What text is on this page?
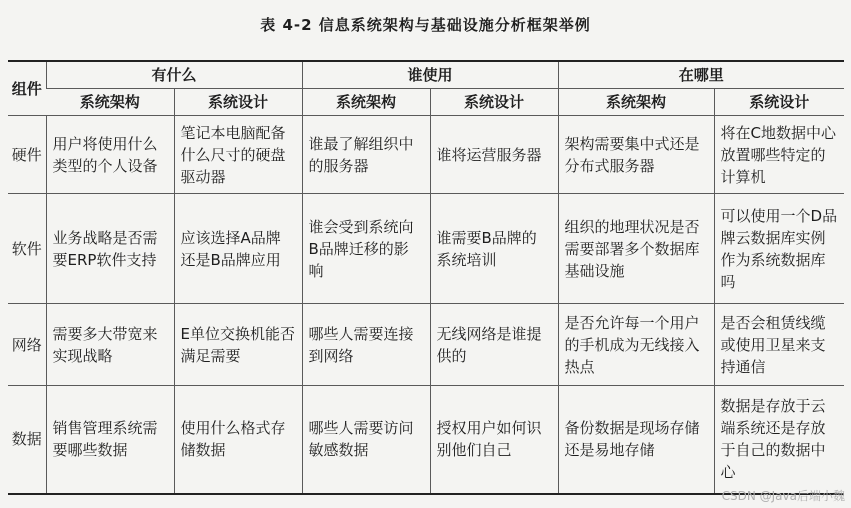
表 4-2 信息系统架构与基础设施分析框架举例
组件	有什么		谁使用		在哪里	
	系统架构	系统设计	系统架构	系统设计	系统架构	系统设计
硬件	用户将使用什么类型的个人设备	笔记本电脑配备什么尺寸的硬盘驱动器	谁最了解组织中的服务器	谁将运营服务器	架构需要集中式还是分布式服务器	将在C地数据中心放置哪些特定的计算机
软件	业务战略是否需要ERP软件支持	应该选择A品牌还是B品牌应用	谁会受到系统向B品牌迁移的影响	谁需要B品牌的系统培训	组织的地理状况是否需要部署多个数据库基础设施	可以使用一个D品牌云数据库实例作为系统数据库吗
网络	需要多大带宽来实现战略	E单位交换机能否满足需要	哪些人需要连接到网络	无线网络是谁提供的	是否允许每一个用户的手机成为无线接入热点	是否会租赁线缆或使用卫星来支持通信
数据	销售管理系统需要哪些数据	使用什么格式存储数据	哪些人需要访问敏感数据	授权用户如何识别他们自己	备份数据是现场存储还是易地存储	数据是存放于云端系统还是存放于自己的数据中心
CSDN @Java后端小魏
